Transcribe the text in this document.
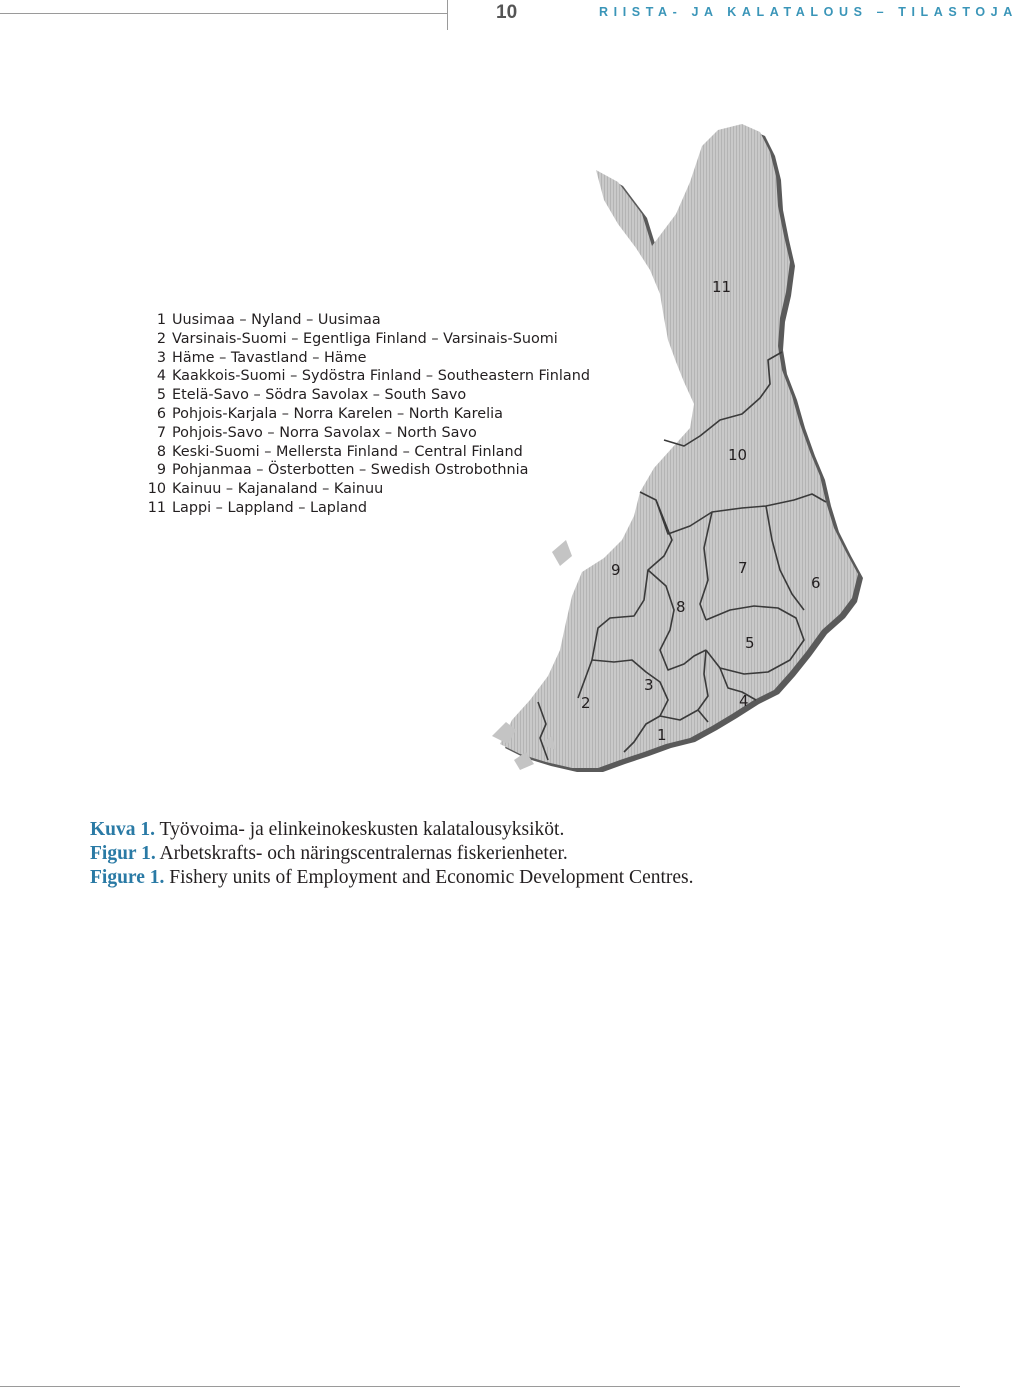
10	RIISTA- JA KALATALOUS – TILASTOJA
11
10
9	7
6
8
5
3
2	4
1
1 Uusimaa – Nyland – Uusimaa
2 Varsinais-Suomi – Egentliga Finland – Varsinais-Suomi
3 Häme – Tavastland – Häme
4 Kaakkois-Suomi – Sydöstra Finland – Southeastern Finland
5 Etelä-Savo – Södra Savolax – South Savo
6 Pohjois-Karjala – Norra Karelen – North Karelia
7 Pohjois-Savo – Norra Savolax – North Savo
8 Keski-Suomi – Mellersta Finland – Central Finland
9 Pohjanmaa – Österbotten – Swedish Ostrobothnia
10 Kainuu – Kajanaland – Kainuu
11 Lappi – Lappland – Lapland
Kuva 1. Työvoima- ja elinkeinokeskusten kalatalousyksiköt.
Figur 1. Arbetskrafts- och näringscentralernas fiskerienheter.
Figure 1. Fishery units of Employment and Economic Development Centres.
